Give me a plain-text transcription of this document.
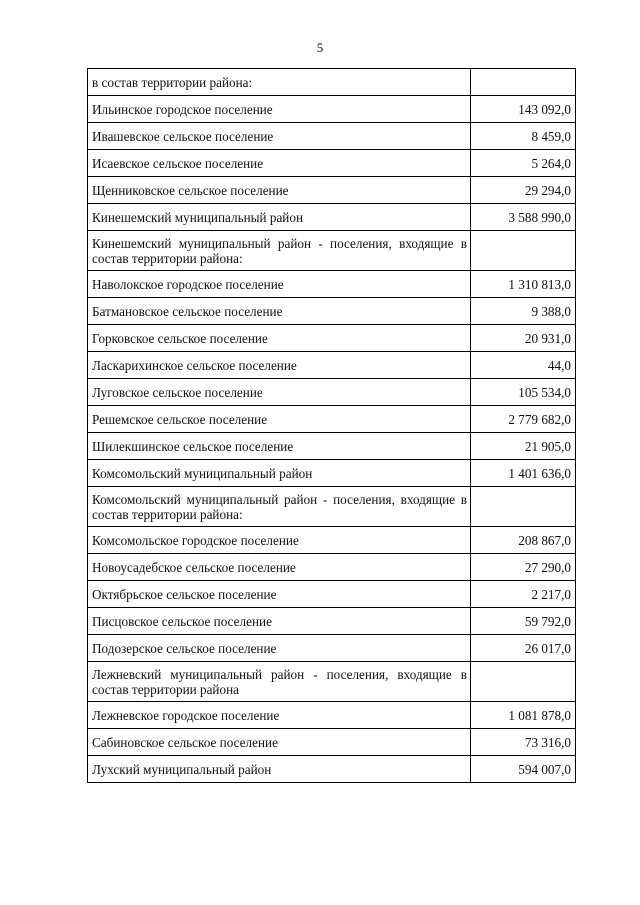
5
в состав территории района:	
Ильинское городское поселение	143 092,0
Ивашевское сельское поселение	8 459,0
Исаевское сельское поселение	5 264,0
Щенниковское сельское поселение	29 294,0
Кинешемский муниципальный район	3 588 990,0
Кинешемский муниципальный район - поселения, входящие в состав территории района:	
Наволокское городское поселение	1 310 813,0
Батмановское сельское поселение	9 388,0
Горковское сельское поселение	20 931,0
Ласкарихинское сельское поселение	44,0
Луговское сельское поселение	105 534,0
Решемское сельское поселение	2 779 682,0
Шилекшинское сельское поселение	21 905,0
Комсомольский муниципальный район	1 401 636,0
Комсомольский муниципальный район - поселения, входящие в состав территории района:	
Комсомольское городское поселение	208 867,0
Новоусадебское сельское поселение	27 290,0
Октябрьское сельское поселение	2 217,0
Писцовское сельское поселение	59 792,0
Подозерское сельское поселение	26 017,0
Лежневский муниципальный район - поселения, входящие в состав территории района	
Лежневское городское поселение	1 081 878,0
Сабиновское сельское поселение	73 316,0
Лухский муниципальный район	594 007,0
